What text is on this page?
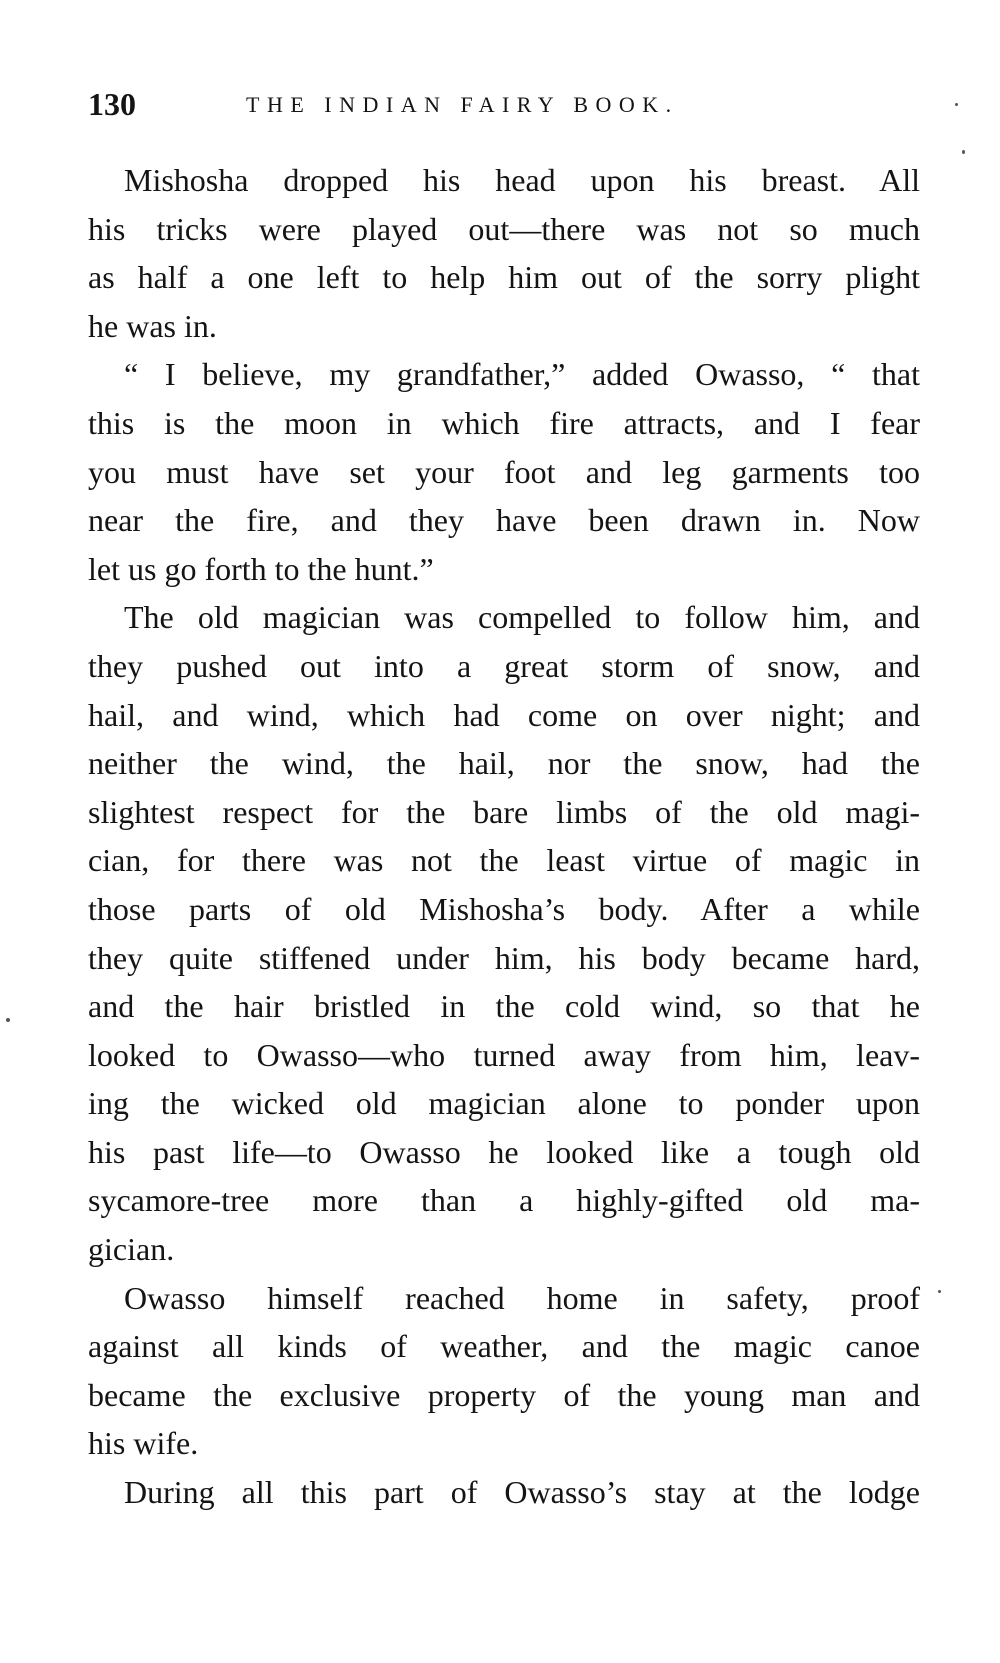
130	THE INDIAN FAIRY BOOK.
Mishosha dropped his head upon his breast. All
his tricks were played out—there was not so much
as half a one left to help him out of the sorry plight
he was in.
“ I believe, my grandfather,” added Owasso, “ that
this is the moon in which fire attracts, and I fear
you must have set your foot and leg garments too
near the fire, and they have been drawn in. Now
let us go forth to the hunt.”
The old magician was compelled to follow him, and
they pushed out into a great storm of snow, and
hail, and wind, which had come on over night; and
neither the wind, the hail, nor the snow, had the
slightest respect for the bare limbs of the old magi-
cian, for there was not the least virtue of magic in
those parts of old Mishosha’s body. After a while
they quite stiffened under him, his body became hard,
and the hair bristled in the cold wind, so that he
looked to Owasso—who turned away from him, leav-
ing the wicked old magician alone to ponder upon
his past life—to Owasso he looked like a tough old
sycamore-tree more than a highly-gifted old ma-
gician.
Owasso himself reached home in safety, proof
against all kinds of weather, and the magic canoe
became the exclusive property of the young man and
his wife.
During all this part of Owasso’s stay at the lodge
